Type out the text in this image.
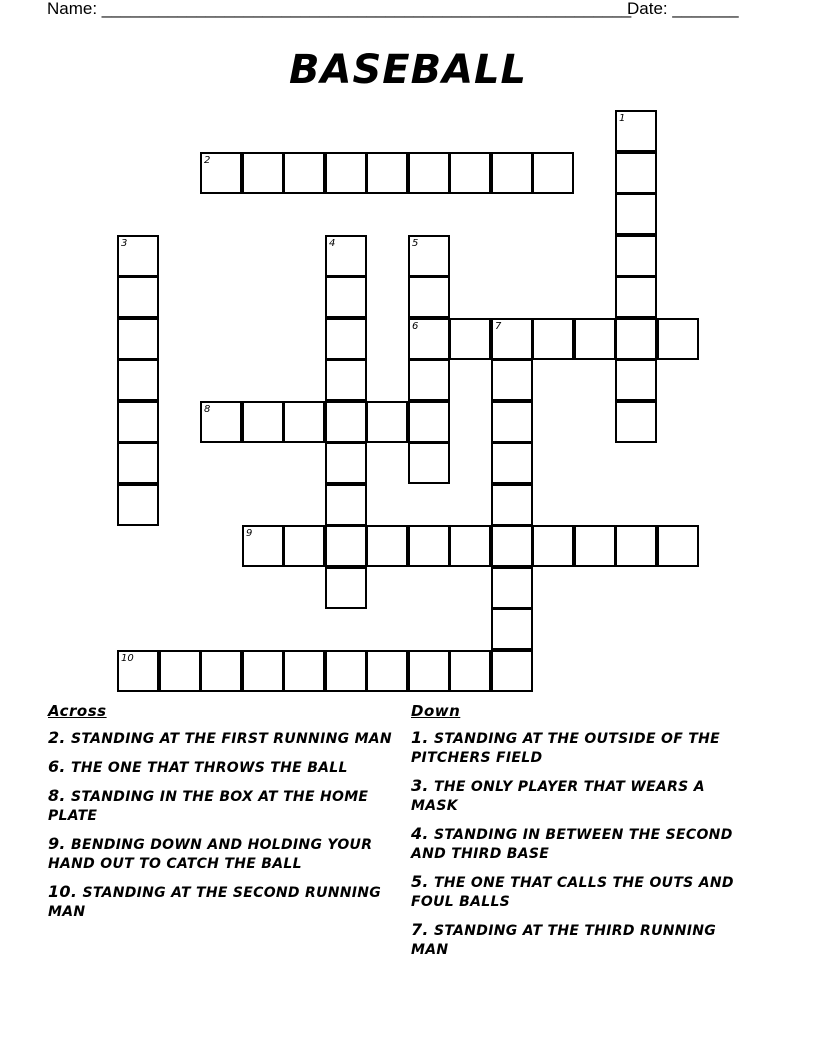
Name: ________________________________________________________
Date: _______
BASEBALL
1
2
3	4	5
6	7
8
9
10
Across
2. STANDING AT THE FIRST RUNNING MAN
6. THE ONE THAT THROWS THE BALL
8. STANDING IN THE BOX AT THE HOME PLATE
9. BENDING DOWN AND HOLDING YOUR HAND OUT TO CATCH THE BALL
10. STANDING AT THE SECOND RUNNING MAN
Down
1. STANDING AT THE OUTSIDE OF THE PITCHERS FIELD
3. THE ONLY PLAYER THAT WEARS A MASK
4. STANDING IN BETWEEN THE SECOND AND THIRD BASE
5. THE ONE THAT CALLS THE OUTS AND FOUL BALLS
7. STANDING AT THE THIRD RUNNING MAN
